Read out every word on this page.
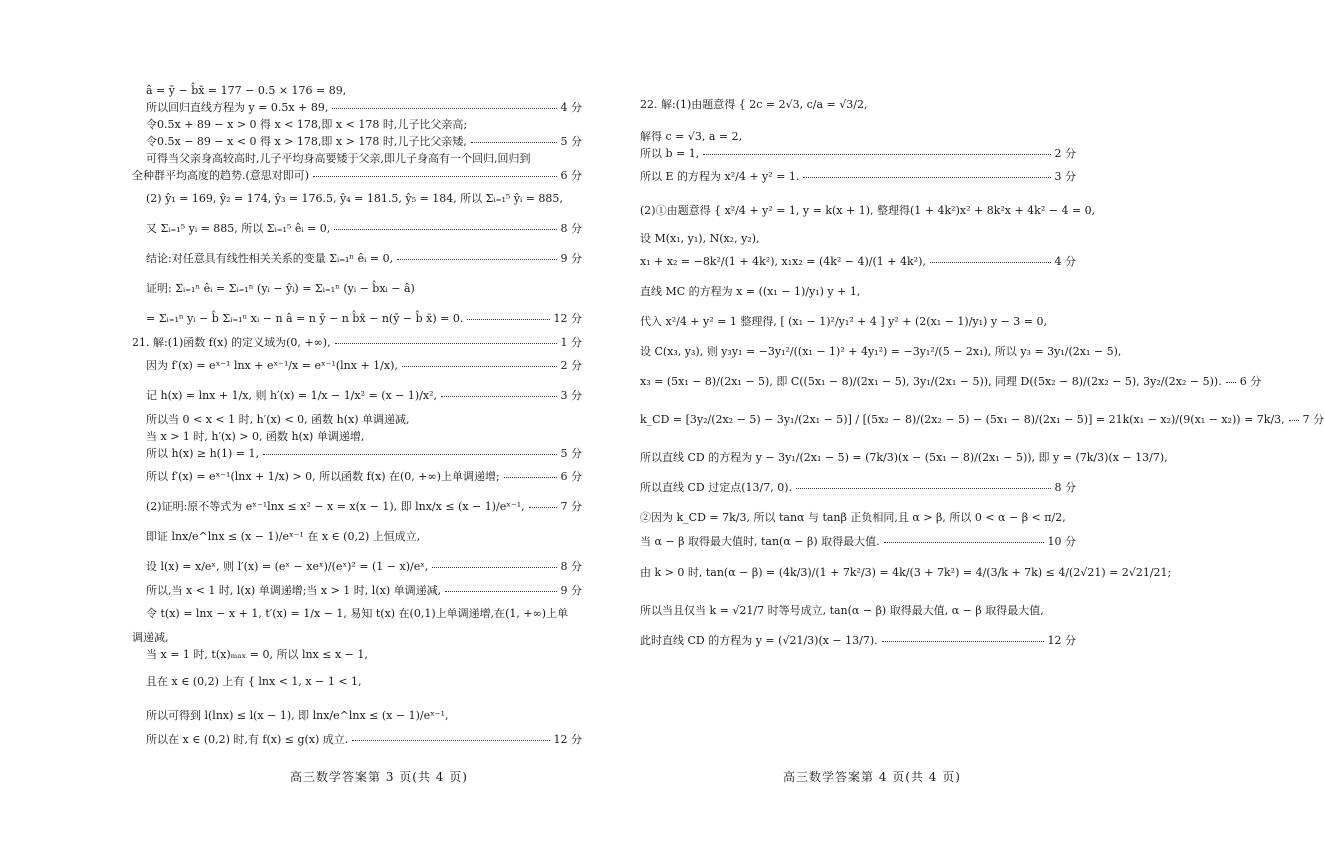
â = ȳ − b̂x̄ = 177 − 0.5 × 176 = 89,
所以回归直线方程为 y = 0.5x + 89,	4 分
令0.5x + 89 − x > 0 得 x < 178,即 x < 178 时,儿子比父亲高;
令0.5x − 89 − x < 0 得 x > 178,即 x > 178 时,儿子比父亲矮,	5 分
可得当父亲身高较高时,儿子平均身高要矮于父亲,即儿子身高有一个回归,回归到
全种群平均高度的趋势.(意思对即可)	6 分
(2) ŷ₁ = 169, ŷ₂ = 174, ŷ₃ = 176.5, ŷ₄ = 181.5, ŷ₅ = 184, 所以 Σᵢ₌₁⁵ ŷᵢ = 885,
又 Σᵢ₌₁⁵ yᵢ = 885, 所以 Σᵢ₌₁⁵ êᵢ = 0,	8 分
结论:对任意具有线性相关关系的变量 Σᵢ₌₁ⁿ êᵢ = 0,	9 分
证明: Σᵢ₌₁ⁿ êᵢ = Σᵢ₌₁ⁿ (yᵢ − ŷᵢ) = Σᵢ₌₁ⁿ (yᵢ − b̂xᵢ − â)
= Σᵢ₌₁ⁿ yᵢ − b̂ Σᵢ₌₁ⁿ xᵢ − n â = n ȳ − n b̂x̄ − n(ȳ − b̂ x̄) = 0.	12 分
21. 解:(1)函数 f(x) 的定义域为(0, +∞),	1 分
因为 f′(x) = eˣ⁻¹ lnx + eˣ⁻¹/x = eˣ⁻¹(lnx + 1/x),	2 分
记 h(x) = lnx + 1/x, 则 h′(x) = 1/x − 1/x² = (x − 1)/x²,	3 分
所以当 0 < x < 1 时, h′(x) < 0, 函数 h(x) 单调递减,
当 x > 1 时, h′(x) > 0, 函数 h(x) 单调递增,
所以 h(x) ≥ h(1) = 1,	5 分
所以 f′(x) = eˣ⁻¹(lnx + 1/x) > 0, 所以函数 f(x) 在(0, +∞)上单调递增;	6 分
(2)证明:原不等式为 eˣ⁻¹lnx ≤ x² − x = x(x − 1), 即 lnx/x ≤ (x − 1)/eˣ⁻¹,	7 分
即证 lnx/e^lnx ≤ (x − 1)/eˣ⁻¹ 在 x ∈ (0,2) 上恒成立,
设 l(x) = x/eˣ, 则 l′(x) = (eˣ − xeˣ)/(eˣ)² = (1 − x)/eˣ,	8 分
所以,当 x < 1 时, l(x) 单调递增;当 x > 1 时, l(x) 单调递减,	9 分
令 t(x) = lnx − x + 1, t′(x) = 1/x − 1, 易知 t(x) 在(0,1)上单调递增,在(1, +∞)上单
调递减,
当 x = 1 时, t(x)ₘₐₓ = 0, 所以 lnx ≤ x − 1,
且在 x ∈ (0,2) 上有 { lnx < 1, x − 1 < 1,
所以可得到 l(lnx) ≤ l(x − 1), 即 lnx/e^lnx ≤ (x − 1)/eˣ⁻¹,
所以在 x ∈ (0,2) 时,有 f(x) ≤ g(x) 成立.	12 分
22. 解:(1)由题意得 { 2c = 2√3, c/a = √3/2,
解得 c = √3, a = 2,
所以 b = 1,	2 分
所以 E 的方程为 x²/4 + y² = 1.	3 分
(2)①由题意得 { x²/4 + y² = 1, y = k(x + 1), 整理得(1 + 4k²)x² + 8k²x + 4k² − 4 = 0,
设 M(x₁, y₁), N(x₂, y₂),
x₁ + x₂ = −8k²/(1 + 4k²), x₁x₂ = (4k² − 4)/(1 + 4k²),	4 分
直线 MC 的方程为 x = ((x₁ − 1)/y₁) y + 1,
代入 x²/4 + y² = 1 整理得, [ (x₁ − 1)²/y₁² + 4 ] y² + (2(x₁ − 1)/y₁) y − 3 = 0,
设 C(x₃, y₃), 则 y₃y₁ = −3y₁²/((x₁ − 1)² + 4y₁²) = −3y₁²/(5 − 2x₁), 所以 y₃ = 3y₁/(2x₁ − 5),
x₃ = (5x₁ − 8)/(2x₁ − 5), 即 C((5x₁ − 8)/(2x₁ − 5), 3y₁/(2x₁ − 5)), 同理 D((5x₂ − 8)/(2x₂ − 5), 3y₂/(2x₂ − 5)). 6 分
k_CD = [3y₂/(2x₂ − 5) − 3y₁/(2x₁ − 5)] / [(5x₂ − 8)/(2x₂ − 5) − (5x₁ − 8)/(2x₁ − 5)] = 21k(x₁ − x₂)/(9(x₁ − x₂)) = 7k/3, 7 分
所以直线 CD 的方程为 y − 3y₁/(2x₁ − 5) = (7k/3)(x − (5x₁ − 8)/(2x₁ − 5)), 即 y = (7k/3)(x − 13/7),
所以直线 CD 过定点(13/7, 0).	8 分
②因为 k_CD = 7k/3, 所以 tanα 与 tanβ 正负相同,且 α > β, 所以 0 < α − β < π/2,
当 α − β 取得最大值时, tan(α − β) 取得最大值.	10 分
由 k > 0 时, tan(α − β) = (4k/3)/(1 + 7k²/3) = 4k/(3 + 7k²) = 4/(3/k + 7k) ≤ 4/(2√21) = 2√21/21;
所以当且仅当 k = √21/7 时等号成立, tan(α − β) 取得最大值, α − β 取得最大值,
此时直线 CD 的方程为 y = (√21/3)(x − 13/7).	12 分
高三数学答案第 3 页(共 4 页)	高三数学答案第 4 页(共 4 页)
